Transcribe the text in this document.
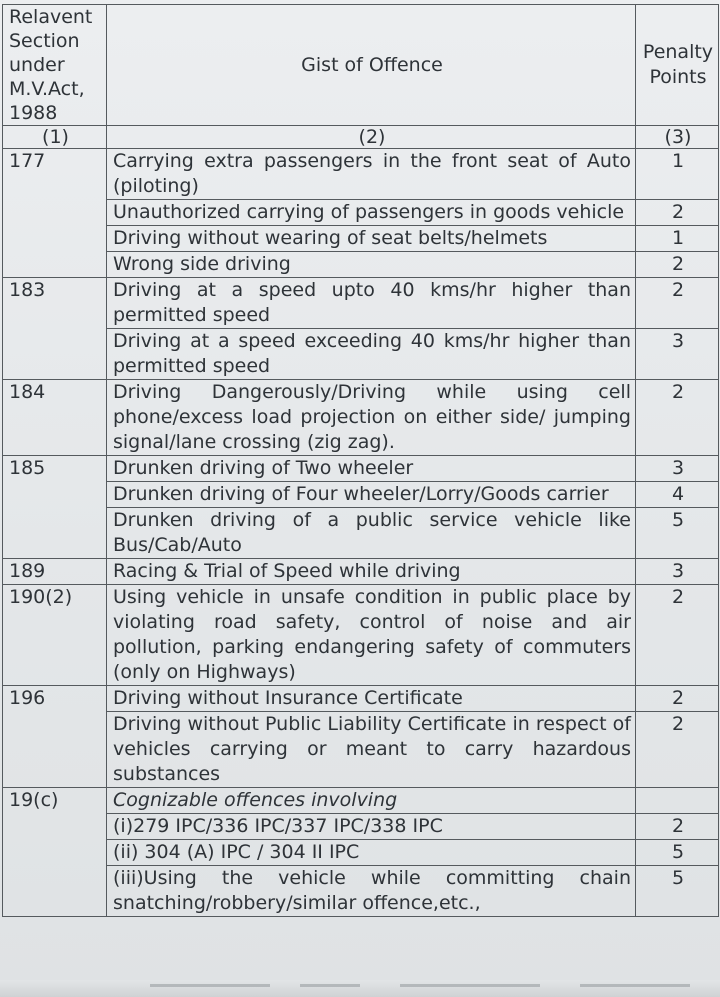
Relavent Section under M.V.Act, 1988	Gist of Offence	Penalty Points
(1)	(2)	(3)
177	Carrying extra passengers in the front seat of Auto (piloting)	1
	Unauthorized carrying of passengers in goods vehicle	2
	Driving without wearing of seat belts/helmets	1
	Wrong side driving	2
183	Driving at a speed upto 40 kms/hr higher than permitted speed	2
	Driving at a speed exceeding 40 kms/hr higher than permitted speed	3
184	Driving Dangerously/Driving while using cell phone/excess load projection on either side/ jumping signal/lane crossing (zig zag).	2
185	Drunken driving of Two wheeler	3
	Drunken driving of Four wheeler/Lorry/Goods carrier	4
	Drunken driving of a public service vehicle like Bus/Cab/Auto	5
189	Racing & Trial of Speed while driving	3
190(2)	Using vehicle in unsafe condition in public place by violating road safety, control of noise and air pollution, parking endangering safety of commuters (only on Highways)	2
196	Driving without Insurance Certificate	2
	Driving without Public Liability Certificate in respect of vehicles carrying or meant to carry hazardous substances	2
19(c)	Cognizable offences involving	
	(i)279 IPC/336 IPC/337 IPC/338 IPC	2
	(ii) 304 (A) IPC / 304 II IPC	5
	(iii)Using the vehicle while committing chain snatching/robbery/similar offence,etc.,	5
